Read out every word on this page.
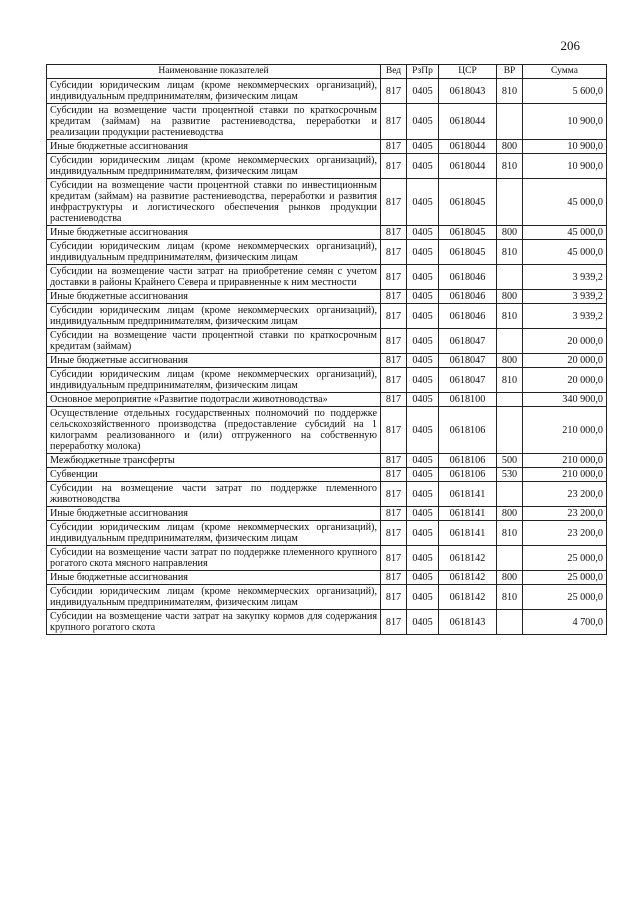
206
Наименование показателей	Вед	РзПр	ЦСР	ВР	Сумма
Субсидии юридическим лицам (кроме некоммерческих организаций), индивидуальным предпринимателям, физическим лицам	817	0405	0618043	810	5 600,0
Субсидии на возмещение части процентной ставки по краткосрочным кредитам (займам) на развитие растениеводства, переработки и реализации продукции растениеводства	817	0405	0618044		10 900,0
Иные бюджетные ассигнования	817	0405	0618044	800	10 900,0
Субсидии юридическим лицам (кроме некоммерческих организаций), индивидуальным предпринимателям, физическим лицам	817	0405	0618044	810	10 900,0
Субсидии на возмещение части процентной ставки по инвестиционным кредитам (займам) на развитие растениеводства, переработки и развития инфраструктуры и логистического обеспечения рынков продукции растениеводства	817	0405	0618045		45 000,0
Иные бюджетные ассигнования	817	0405	0618045	800	45 000,0
Субсидии юридическим лицам (кроме некоммерческих организаций), индивидуальным предпринимателям, физическим лицам	817	0405	0618045	810	45 000,0
Субсидии на возмещение части затрат на приобретение семян с учетом доставки в районы Крайнего Севера и приравненные к ним местности	817	0405	0618046		3 939,2
Иные бюджетные ассигнования	817	0405	0618046	800	3 939,2
Субсидии юридическим лицам (кроме некоммерческих организаций), индивидуальным предпринимателям, физическим лицам	817	0405	0618046	810	3 939,2
Субсидии на возмещение части процентной ставки по краткосрочным кредитам (займам)	817	0405	0618047		20 000,0
Иные бюджетные ассигнования	817	0405	0618047	800	20 000,0
Субсидии юридическим лицам (кроме некоммерческих организаций), индивидуальным предпринимателям, физическим лицам	817	0405	0618047	810	20 000,0
Основное мероприятие «Развитие подотрасли животноводства»	817	0405	0618100		340 900,0
Осуществление отдельных государственных полномочий по поддержке сельскохозяйственного производства (предоставление субсидий на 1 килограмм реализованного и (или) отгруженного на собственную переработку молока)	817	0405	0618106		210 000,0
Межбюджетные трансферты	817	0405	0618106	500	210 000,0
Субвенции	817	0405	0618106	530	210 000,0
Субсидии на возмещение части затрат по поддержке племенного животноводства	817	0405	0618141		23 200,0
Иные бюджетные ассигнования	817	0405	0618141	800	23 200,0
Субсидии юридическим лицам (кроме некоммерческих организаций), индивидуальным предпринимателям, физическим лицам	817	0405	0618141	810	23 200,0
Субсидии на возмещение части затрат по поддержке племенного крупного рогатого скота мясного направления	817	0405	0618142		25 000,0
Иные бюджетные ассигнования	817	0405	0618142	800	25 000,0
Субсидии юридическим лицам (кроме некоммерческих организаций), индивидуальным предпринимателям, физическим лицам	817	0405	0618142	810	25 000,0
Субсидии на возмещение части затрат на закупку кормов для содержания крупного рогатого скота	817	0405	0618143		4 700,0
